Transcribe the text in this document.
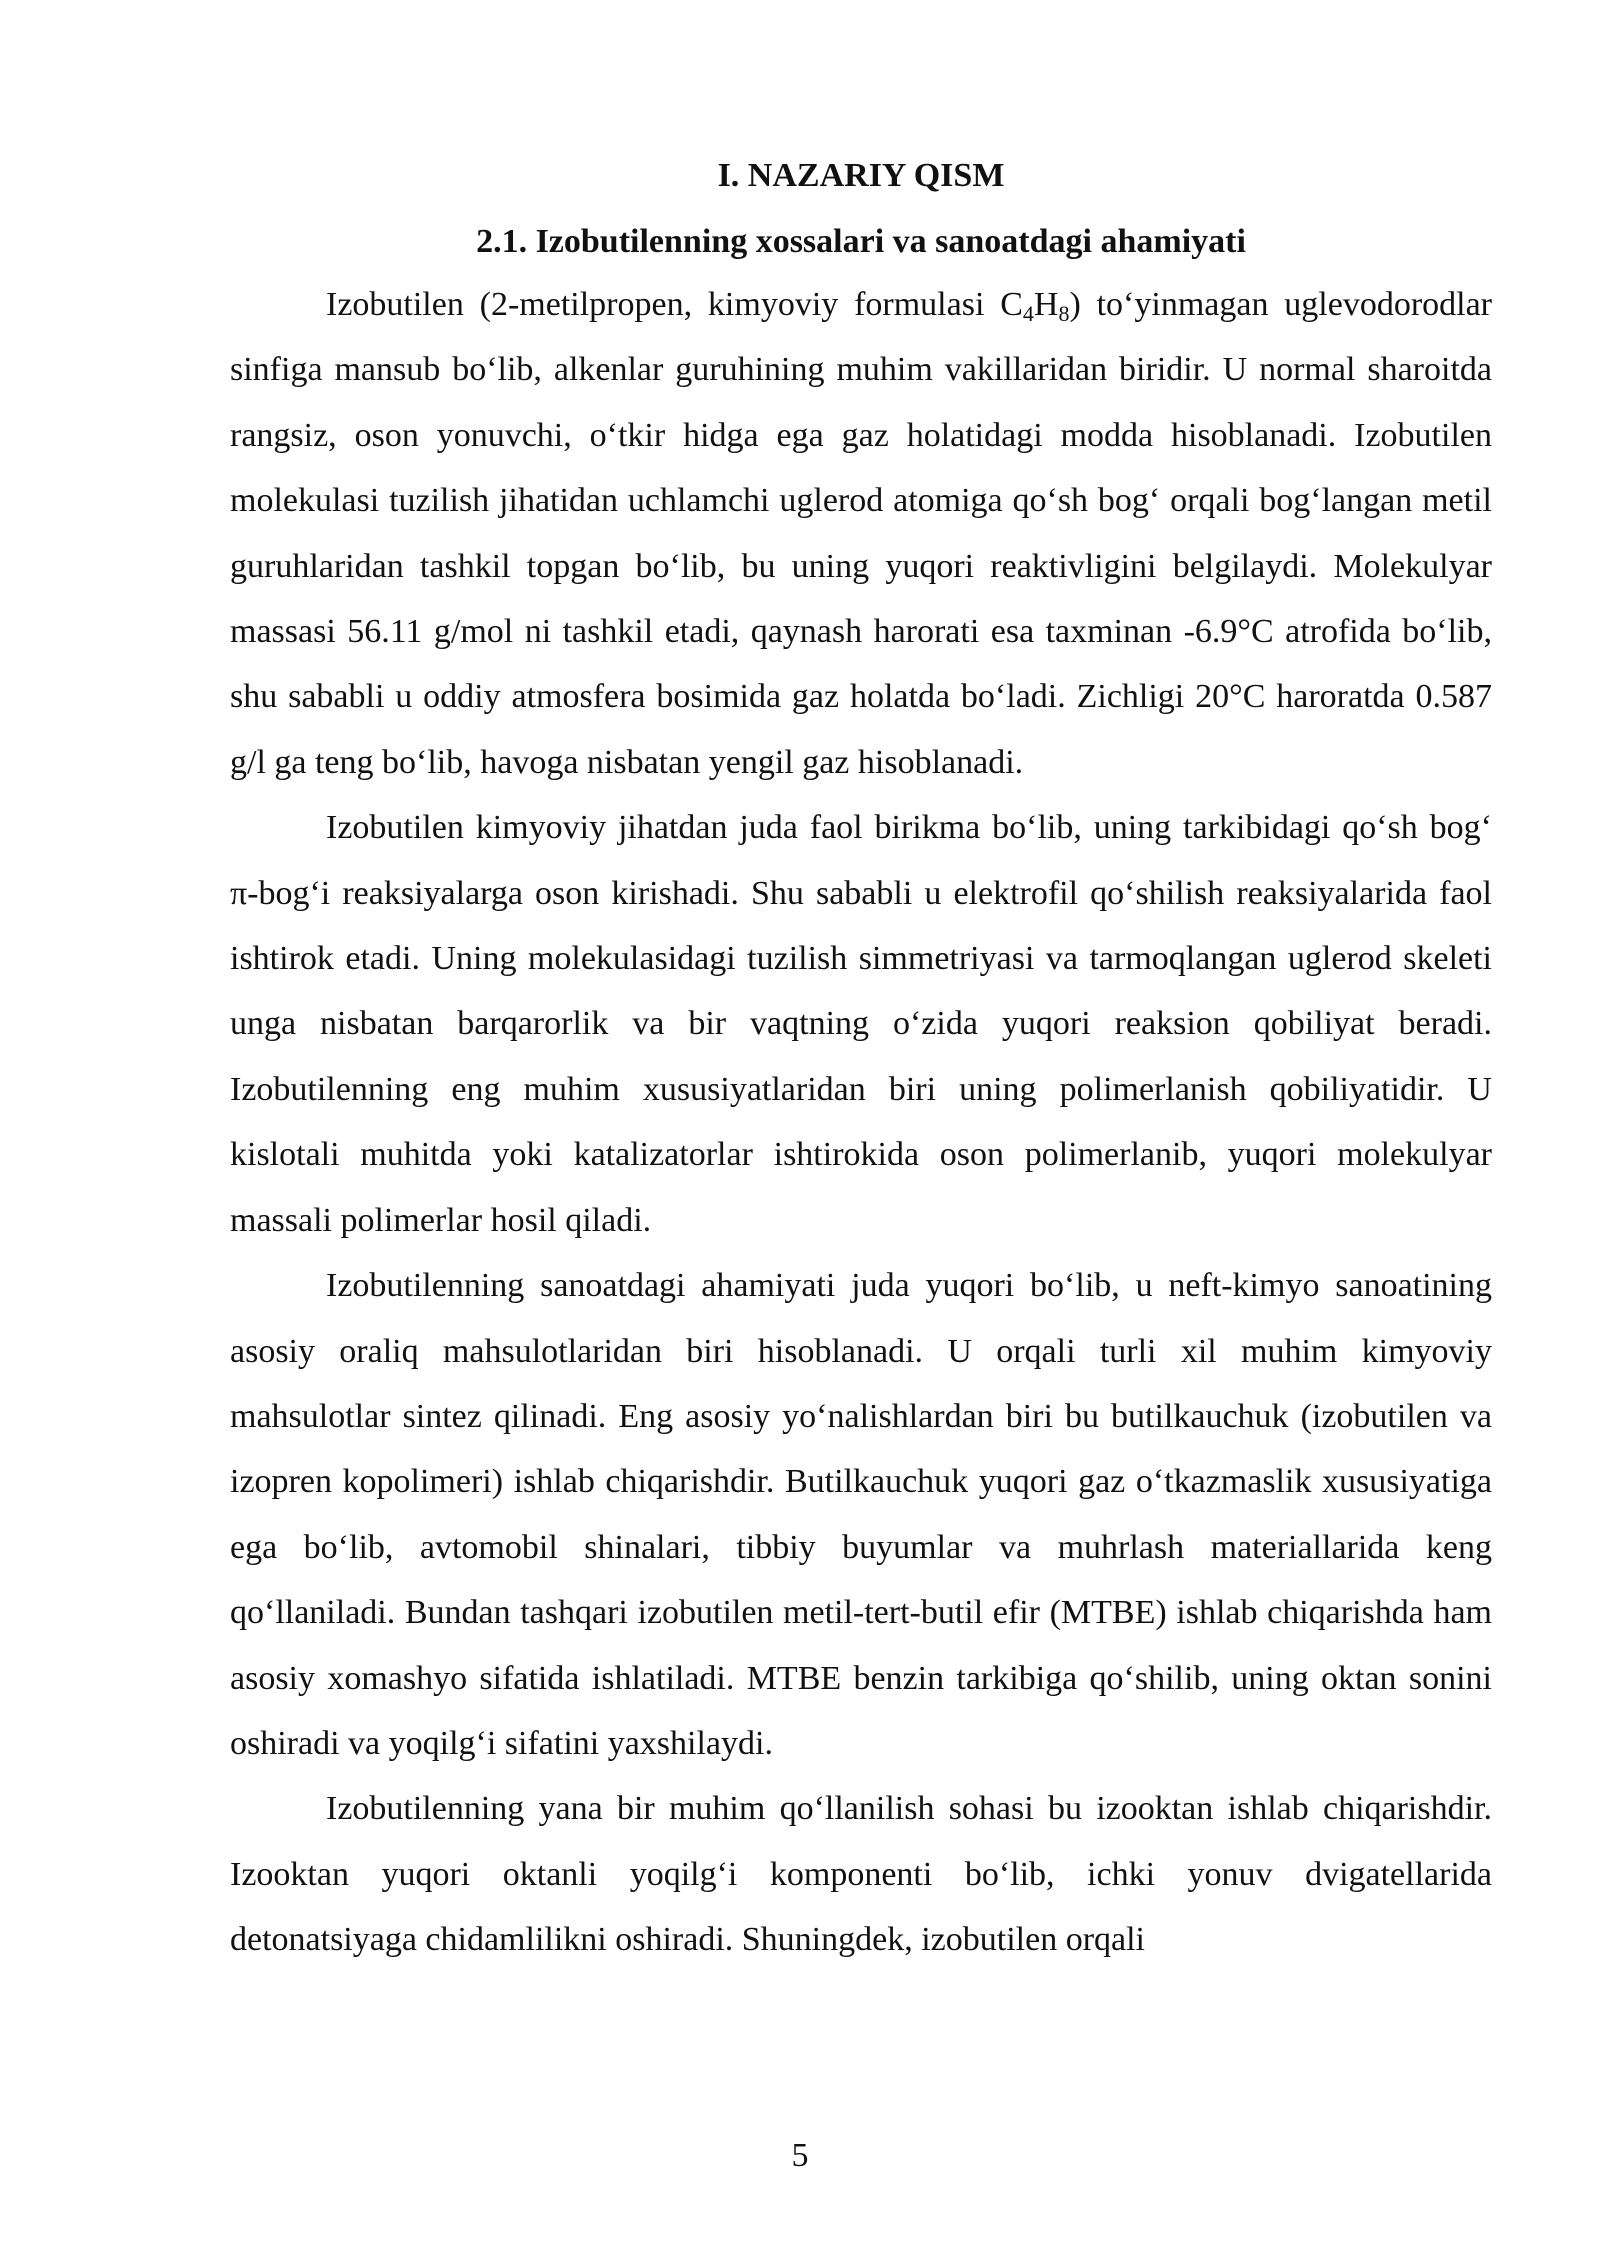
I. NAZARIY QISM
2.1. Izobutilenning xossalari va sanoatdagi ahamiyati

Izobutilen (2-metilpropen, kimyoviy formulasi $C_4H_8$) to‘yinmagan uglevodorodlar sinfiga mansub bo‘lib, alkenlar guruhining muhim vakillaridan biridir. U normal sharoitda rangsiz, oson yonuvchi, o‘tkir hidga ega gaz holatidagi modda hisoblanadi. Izobutilen molekulasi tuzilish jihatidan uchlamchi uglerod atomiga qo‘sh bog‘ orqali bog‘langan metil guruhlaridan tashkil topgan bo‘lib, bu uning yuqori reaktivligini belgilaydi. Molekulyar massasi 56.11 g/mol ni tashkil etadi, qaynash harorati esa taxminan -6.9°C atrofida bo‘lib, shu sababli u oddiy atmosfera bosimida gaz holatda bo‘ladi. Zichligi 20°C haroratda 0.587 g/l ga teng bo‘lib, havoga nisbatan yengil gaz hisoblanadi.

Izobutilen kimyoviy jihatdan juda faol birikma bo‘lib, uning tarkibidagi qo‘sh bog‘ π-bog‘i reaksiyalarga oson kirishadi. Shu sababli u elektrofil qo‘shilish reaksiyalarida faol ishtirok etadi. Uning molekulasidagi tuzilish simmetriyasi va tarmoqlangan uglerod skeleti unga nisbatan barqarorlik va bir vaqtning o‘zida yuqori reaksion qobiliyat beradi. Izobutilenning eng muhim xususiyatlaridan biri uning polimerlanish qobiliyatidir. U kislotali muhitda yoki katalizatorlar ishtirokida oson polimerlanib, yuqori molekulyar massali polimerlar hosil qiladi.

Izobutilenning sanoatdagi ahamiyati juda yuqori bo‘lib, u neft-kimyo sanoatining asosiy oraliq mahsulotlaridan biri hisoblanadi. U orqali turli xil muhim kimyoviy mahsulotlar sintez qilinadi. Eng asosiy yo‘nalishlardan biri bu butilkauchuk (izobutilen va izopren kopolimeri) ishlab chiqarishdir. Butilkauchuk yuqori gaz o‘tkazmaslik xususiyatiga ega bo‘lib, avtomobil shinalari, tibbiy buyumlar va muhrlash materiallarida keng qo‘llaniladi. Bundan tashqari izobutilen metil-tert-butil efir (MTBE) ishlab chiqarishda ham asosiy xomashyo sifatida ishlatiladi. MTBE benzin tarkibiga qo‘shilib, uning oktan sonini oshiradi va yoqilg‘i sifatini yaxshilaydi.

Izobutilenning yana bir muhim qo‘llanilish sohasi bu izooktan ishlab chiqarishdir. Izooktan yuqori oktanli yoqilg‘i komponenti bo‘lib, ichki yonuv dvigatellarida detonatsiyaga chidamlilikni oshiradi. Shuningdek, izobutilen orqali

5
